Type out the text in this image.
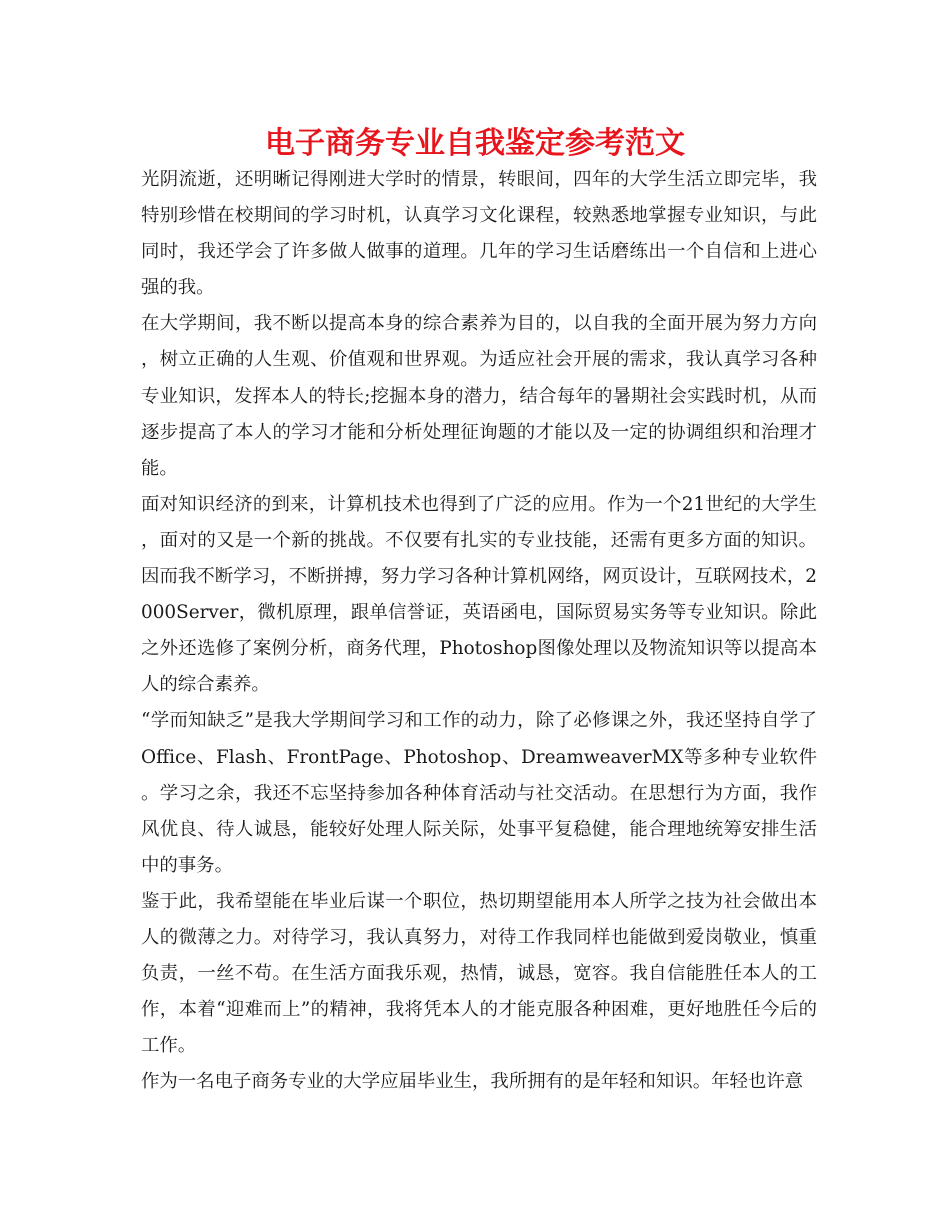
电子商务专业自我鉴定参考范文

光阴流逝，还明晰记得刚进大学时的情景，转眼间，四年的大学生活立即完毕，我特别珍惜在校期间的学习时机，认真学习文化课程，较熟悉地掌握专业知识，与此同时，我还学会了许多做人做事的道理。几年的学习生话磨练出一个自信和上进心强的我。

在大学期间，我不断以提高本身的综合素养为目的，以自我的全面开展为努力方向，树立正确的人生观、价值观和世界观。为适应社会开展的需求，我认真学习各种专业知识，发挥本人的特长;挖掘本身的潜力，结合每年的暑期社会实践时机，从而逐步提高了本人的学习才能和分析处理征询题的才能以及一定的协调组织和治理才能。

面对知识经济的到来，计算机技术也得到了广泛的应用。作为一个21世纪的大学生，面对的又是一个新的挑战。不仅要有扎实的专业技能，还需有更多方面的知识。因而我不断学习，不断拼搏，努力学习各种计算机网络，网页设计，互联网技术，2000Server，微机原理，跟单信誉证，英语函电，国际贸易实务等专业知识。除此之外还选修了案例分析，商务代理，Photoshop图像处理以及物流知识等以提高本人的综合素养。

“学而知缺乏”是我大学期间学习和工作的动力，除了必修课之外，我还坚持自学了Office、Flash、FrontPage、Photoshop、DreamweaverMX等多种专业软件。学习之余，我还不忘坚持参加各种体育活动与社交活动。在思想行为方面，我作风优良、待人诚恳，能较好处理人际关际，处事平复稳健，能合理地统筹安排生活中的事务。

鉴于此，我希望能在毕业后谋一个职位，热切期望能用本人所学之技为社会做出本人的微薄之力。对待学习，我认真努力，对待工作我同样也能做到爱岗敬业，慎重负责，一丝不苟。在生活方面我乐观，热情，诚恳，宽容。我自信能胜任本人的工作，本着“迎难而上”的精神，我将凭本人的才能克服各种困难，更好地胜任今后的工作。

作为一名电子商务专业的大学应届毕业生，我所拥有的是年轻和知识。年轻也许意
